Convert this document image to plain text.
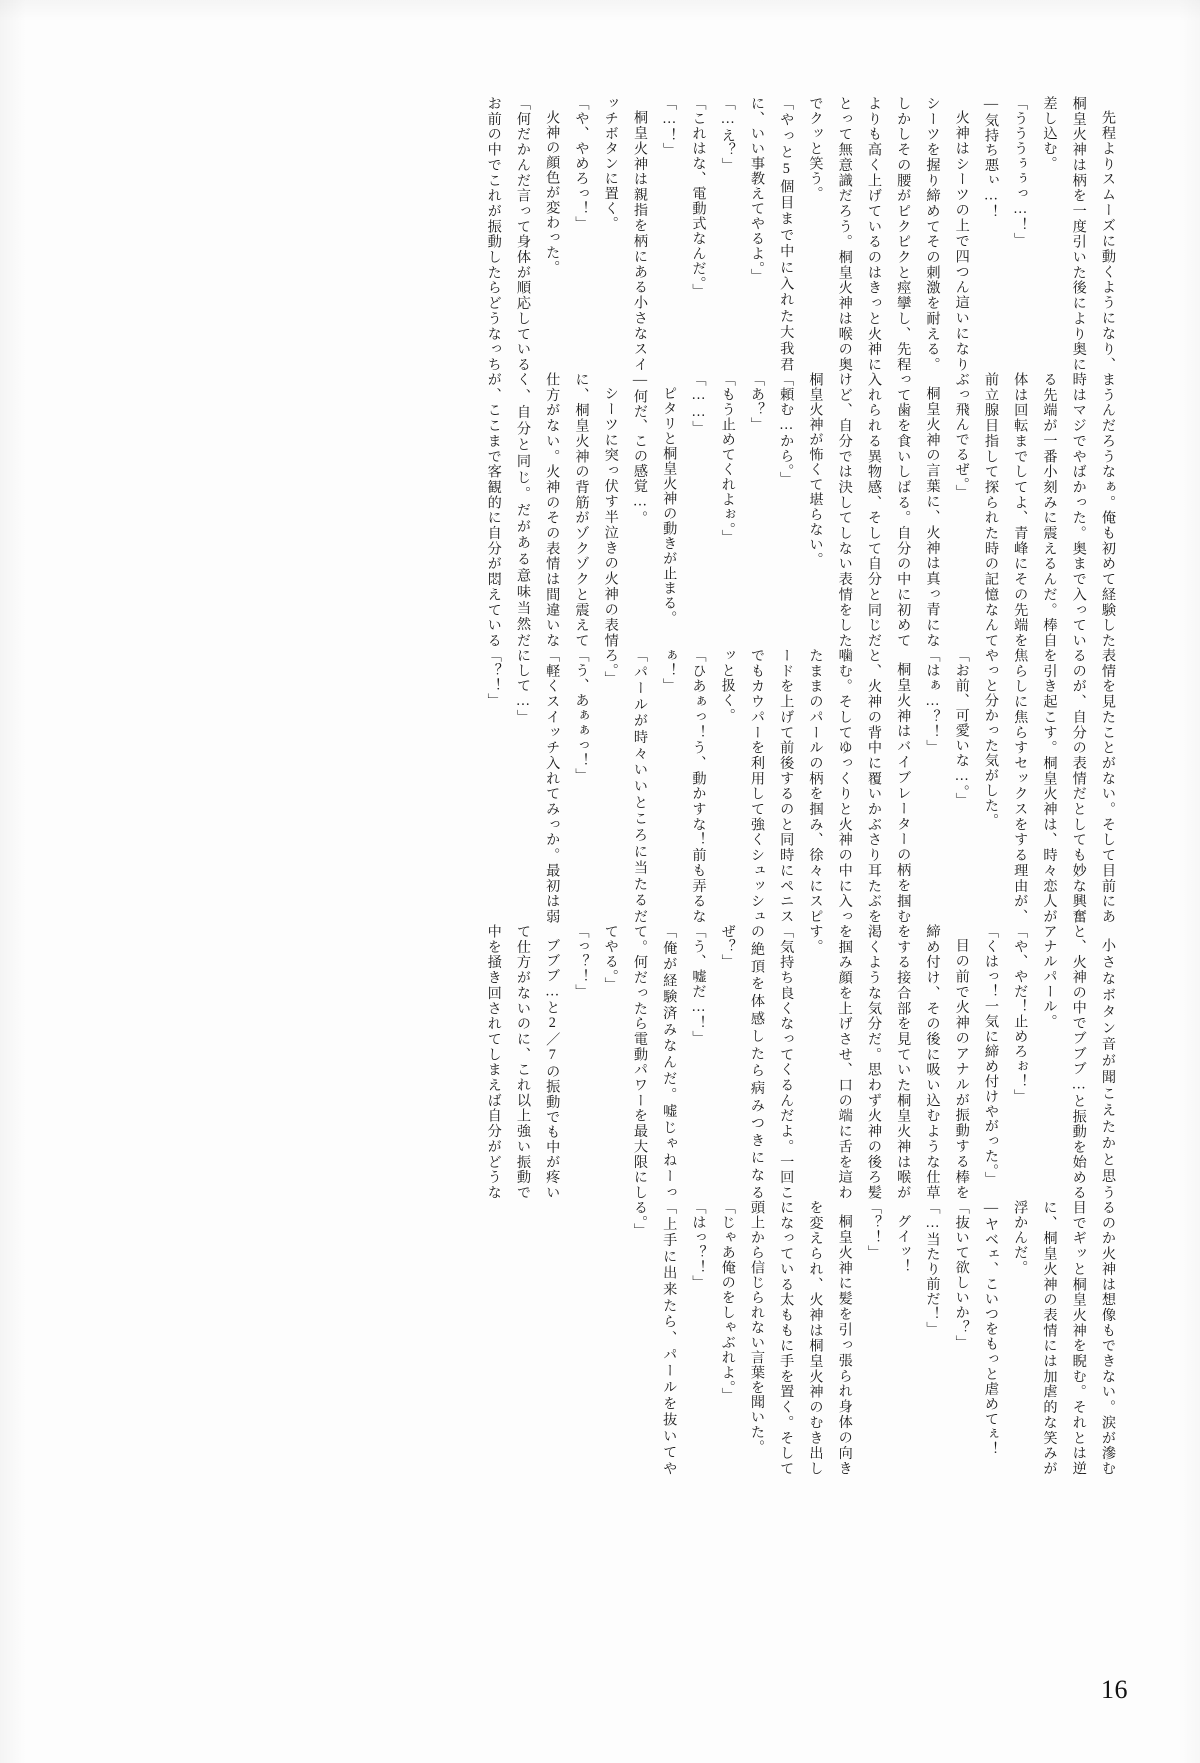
先程よりスムーズに動くようになり、桐皇火神は柄を一度引いた後により奥に差し込む。

「うううぅぅっ…！」

―気持ち悪ぃ…！

火神はシーツの上で四つん這いになりシーツを握り締めてその刺激を耐える。しかしその腰がピクピクと痙攣し、先程よりも高く上げているのはきっと火神にとって無意識だろう。桐皇火神は喉の奥でクッと笑う。

「やっと5個目まで中に入れた大我君に、いい事教えてやるよ。」

「…え？」

「これはな、電動式なんだ。」

「…！」

桐皇火神は親指を柄にある小さなスイッチボタンに置く。

「や、やめろっ！」

火神の顔色が変わった。

「何だかんだ言って身体が順応しているお前の中でこれが振動したらどうなっちまうんだろうなぁ。俺も初めて経験した時はマジでやばかった。奥まで入っている先端が一番小刻みに震えるんだ。棒自体は回転までしてよ、青峰にその先端を前立腺目指して探られた時の記憶なんてぶっ飛んでるぜ。」

桐皇火神の言葉に、火神は真っ青になって歯を食いしばる。自分の中に初めて入れられる異物感、そして自分と同じだけど、自分では決してしない表情をした桐皇火神が怖くて堪らない。

「頼む…から。」

「あ？」

「もう止めてくれよぉ。」

「……」

ピタリと桐皇火神の動きが止まる。

―何だ、この感覚…。

シーツに突っ伏す半泣きの火神の表情に、桐皇火神の背筋がゾクゾクと震えて仕方がない。火神のその表情は間違いなく、自分と同じ。だがある意味当然だが、ここまで客観的に自分が悶えている表情を見たことがない。そして目前にあるのが、自分の表情だとしても妙な興奮を引き起こす。桐皇火神は、時々恋人が焦らしに焦らすセックスをする理由が、やっと分かった気がした。

「お前、可愛いな…。」

「はぁ…？！」

桐皇火神はバイブレーターの柄を掴むと、火神の背中に覆いかぶさり耳たぶを噛む。そしてゆっくりと火神の中に入ったままのパールの柄を掴み、徐々にスピードを上げて前後するのと同時にペニスでもカウパーを利用して強くシュッシュッと扱く。

「ひあぁっ！う、動かすな！前も弄るなぁ！」

「パールが時々いいところに当たるだろ。」

「う、あぁぁっ！」

「軽くスイッチ入れてみっか。最初は弱にして…」

「？！」

小さなボタン音が聞こえたかと思うと、火神の中でブブブ…と振動を始めるアナルパール。

「や、やだ！止めろぉ！」

「くはっ！一気に締め付けやがった。」

目の前で火神のアナルが振動する棒を締め付け、その後に吸い込むような仕草をする接合部を見ていた桐皇火神は喉が渇くような気分だ。思わず火神の後ろ髪を掴み顔を上げさせ、口の端に舌を這わす。

「気持ち良くなってくるんだよ。一回この絶頂を体感したら病みつきになるぜ？」

「う、嘘だ…！」

「俺が経験済みなんだ。嘘じゃねーって。何だったら電動パワーを最大限にしてやる。」

「っ？！」

ブブブ…と2／7の振動でも中が疼いて仕方がないのに、これ以上強い振動で中を掻き回されてしまえば自分がどうなるのか火神は想像もできない。涙が滲む目でギッと桐皇火神を睨む。それとは逆に、桐皇火神の表情には加虐的な笑みが浮かんだ。

―ヤベェ、こいつをもっと虐めてぇ！

「抜いて欲しいか？」

「…当たり前だ！」

グイッ！

「？！」

桐皇火神に髪を引っ張られ身体の向きを変えられ、火神は桐皇火神のむき出しになっている太ももに手を置く。そして頭上から信じられない言葉を聞いた。

「じゃあ俺のをしゃぶれよ。」

「はっ？！」

「上手に出来たら、パールを抜いてやる。」

16
